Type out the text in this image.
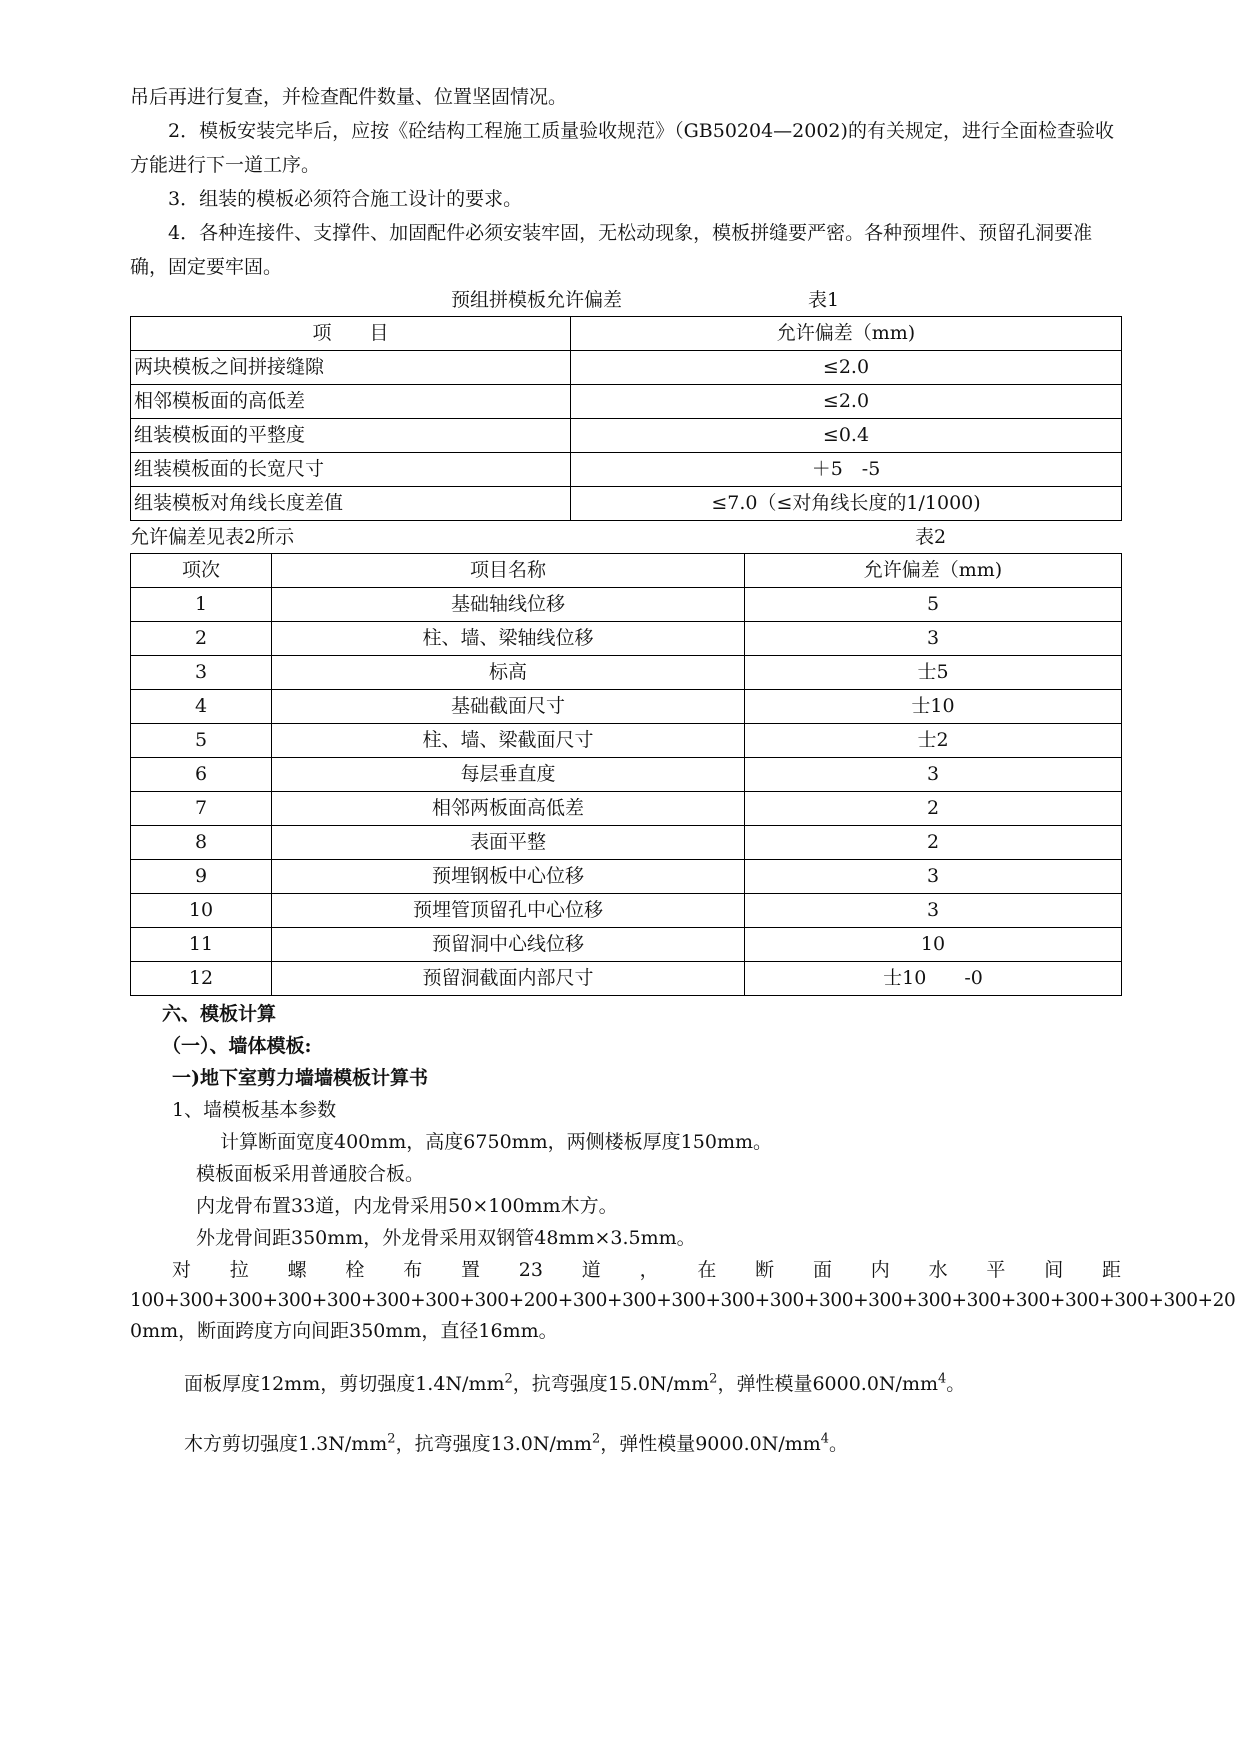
吊后再进行复查，并检查配件数量、位置坚固情况。

2．模板安装完毕后，应按《砼结构工程施工质量验收规范》（GB50204—2002)的有关规定，进行全面检查验收方能进行下一道工序。

3．组装的模板必须符合施工设计的要求。

4．各种连接件、支撑件、加固配件必须安装牢固，无松动现象，模板拼缝要严密。各种预埋件、预留孔洞要准确，固定要牢固。

预组拼模板允许偏差	表1
项　　目	允许偏差（mm)
两块模板之间拼接缝隙	≤2.0
相邻模板面的高低差	≤2.0
组装模板面的平整度	≤0.4
组装模板面的长宽尺寸	＋5　-5
组装模板对角线长度差值	≤7.0（≤对角线长度的1/1000)
允许偏差见表2所示	表2
项次	项目名称	允许偏差（mm)
1	基础轴线位移	5
2	柱、墙、梁轴线位移	3
3	标高	士5
4	基础截面尺寸	士10
5	柱、墙、梁截面尺寸	士2
6	每层垂直度	3
7	相邻两板面高低差	2
8	表面平整	2
9	预埋钢板中心位移	3
10	预埋管顶留孔中心位移	3
11	预留洞中心线位移	10
12	预留洞截面内部尺寸	士10　　-0

六、模板计算

（一）、墙体模板:

一)地下室剪力墙墙模板计算书

1、墙模板基本参数

计算断面宽度400mm，高度6750mm，两侧楼板厚度150mm。

模板面板采用普通胶合板。

内龙骨布置33道，内龙骨采用50×100mm木方。

外龙骨间距350mm，外龙骨采用双钢管48mm×3.5mm。

对拉螺栓布置23道，在断面内水平间距

100+300+300+300+300+300+300+300+200+300+300+300+300+300+300+300+300+300+300+300+300+300+20

0mm，断面跨度方向间距350mm，直径16mm。

面板厚度12mm，剪切强度$1.4N/mm^2$，抗弯强度$15.0N/mm^2$，弹性模量$6000.0N/mm^4$。

木方剪切强度$1.3N/mm^2$，抗弯强度$13.0N/mm^2$，弹性模量$9000.0N/mm^4$。
